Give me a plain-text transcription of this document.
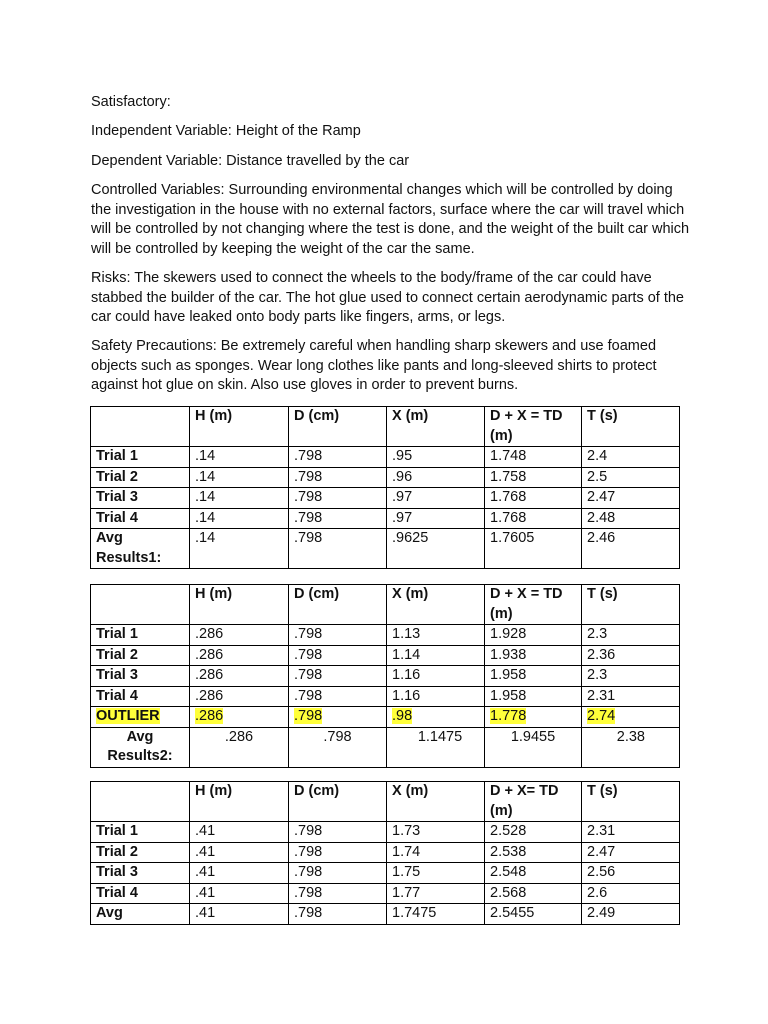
Satisfactory:

Independent Variable: Height of the Ramp

Dependent Variable: Distance travelled by the car

Controlled Variables: Surrounding environmental changes which will be controlled by doing the investigation in the house with no external factors, surface where the car will travel which will be controlled by not changing where the test is done, and the weight of the built car which will be controlled by keeping the weight of the car the same.

Risks: The skewers used to connect the wheels to the body/frame of the car could have stabbed the builder of the car. The hot glue used to connect certain aerodynamic parts of the car could have leaked onto body parts like fingers, arms, or legs.

Safety Precautions: Be extremely careful when handling sharp skewers and use foamed objects such as sponges. Wear long clothes like pants and long-sleeved shirts to protect against hot glue on skin. Also use gloves in order to prevent burns.

	H (m)	D (cm)	X (m)	D + X = TD (m)	T (s)
Trial 1	.14	.798	.95	1.748	2.4
Trial 2	.14	.798	.96	1.758	2.5
Trial 3	.14	.798	.97	1.768	2.47
Trial 4	.14	.798	.97	1.768	2.48
Avg Results1:	.14	.798	.9625	1.7605	2.46
	H (m)	D (cm)	X (m)	D + X = TD (m)	T (s)
Trial 1	.286	.798	1.13	1.928	2.3
Trial 2	.286	.798	1.14	1.938	2.36
Trial 3	.286	.798	1.16	1.958	2.3
Trial 4	.286	.798	1.16	1.958	2.31
OUTLIER	.286	.798	.98	1.778	2.74
Avg Results2:	.286	.798	1.1475	1.9455	2.38
	H (m)	D (cm)	X (m)	D + X= TD (m)	T (s)
Trial 1	.41	.798	1.73	2.528	2.31
Trial 2	.41	.798	1.74	2.538	2.47
Trial 3	.41	.798	1.75	2.548	2.56
Trial 4	.41	.798	1.77	2.568	2.6
Avg	.41	.798	1.7475	2.5455	2.49
